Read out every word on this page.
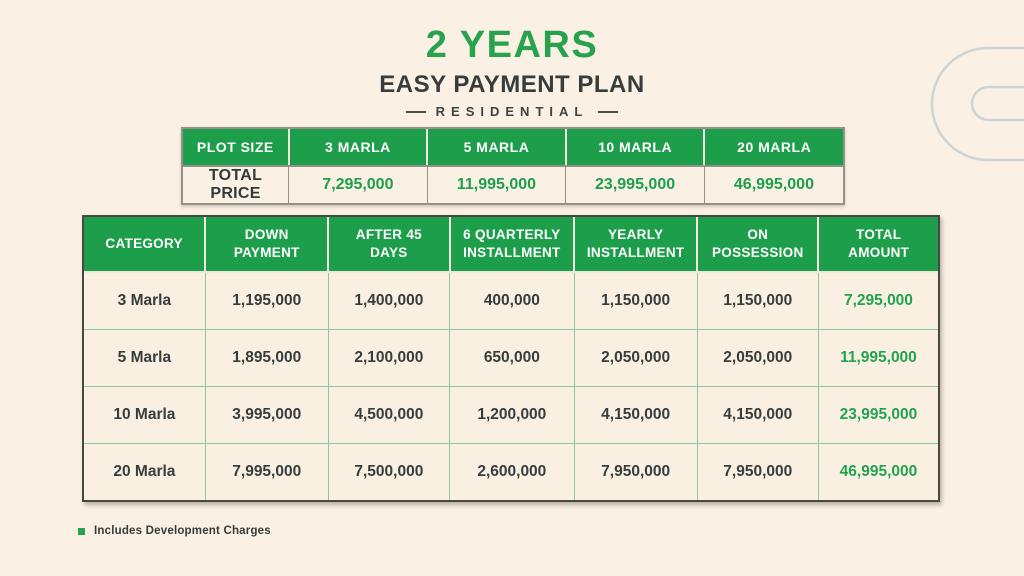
2 YEARS
EASY PAYMENT PLAN
RESIDENTIAL
PLOT SIZE	3 MARLA	5 MARLA	10 MARLA	20 MARLA
TOTAL PRICE	7,295,000	11,995,000	23,995,000	46,995,000
CATEGORY	DOWN PAYMENT	AFTER 45 DAYS	6 QUARTERLY INSTALLMENT	YEARLY INSTALLMENT	ON POSSESSION	TOTAL AMOUNT
3 Marla	1,195,000	1,400,000	400,000	1,150,000	1,150,000	7,295,000
5 Marla	1,895,000	2,100,000	650,000	2,050,000	2,050,000	11,995,000
10 Marla	3,995,000	4,500,000	1,200,000	4,150,000	4,150,000	23,995,000
20 Marla	7,995,000	7,500,000	2,600,000	7,950,000	7,950,000	46,995,000
Includes Development Charges
